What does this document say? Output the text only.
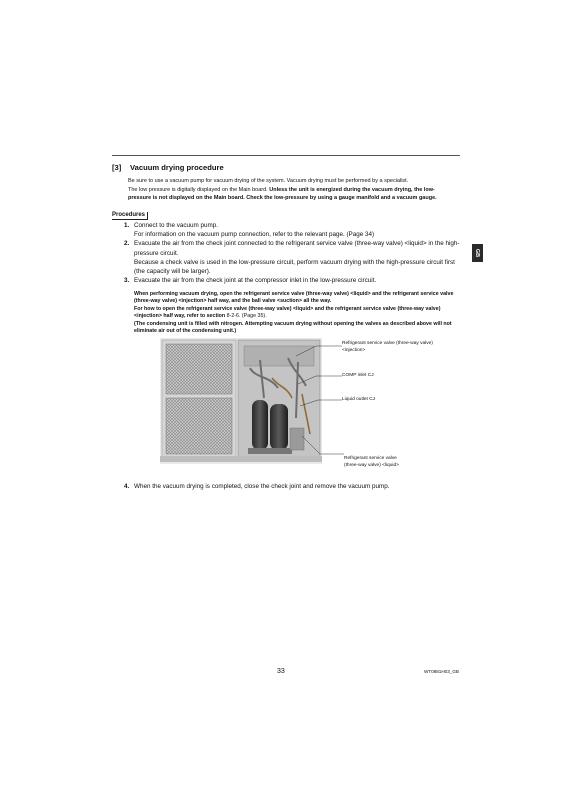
[3] Vacuum drying procedure
Be sure to use a vacuum pump for vacuum drying of the system. Vacuum drying must be performed by a specialist.
The low pressure is digitally displayed on the Main board. Unless the unit is energized during the vacuum drying, the low-pressure is not displayed on the Main board. Check the low-pressure by using a gauge manifold and a vacuum gauge.
Procedures
1. Connect to the vacuum pump.
For information on the vacuum pump connection, refer to the relevant page. (Page 34)
2. Evacuate the air from the check joint connected to the refrigerant service valve (three-way valve) <liquid> in the high-pressure circuit.
Because a check valve is used in the low-pressure circuit, perform vacuum drying with the high-pressure circuit first (the capacity will be larger).
3. Evacuate the air from the check joint at the compressor inlet in the low-pressure circuit.
When performing vacuum drying, open the refrigerant service valve (three-way valve) <liquid> and the refrigerant service valve (three-way valve) <injection> half way, and the ball valve <suction> all the way.
For how to open the refrigerant service valve (three-way valve) <liquid> and the refrigerant service valve (three-way valve) <injection> half way, refer to section 8-2-6. (Page 35).
(The condensing unit is filled with nitrogen. Attempting vacuum drying without opening the valves as described above will not eliminate air out of the condensing unit.)
GB
Refrigerant service valve (three-way valve)
<injection>
COMP inlet CJ
Liquid outlet CJ
Refrigerant service valve
(three-way valve) <liquid>
4. When the vacuum drying is completed, close the check joint and remove the vacuum pump.
33	WT0881H03_GB
